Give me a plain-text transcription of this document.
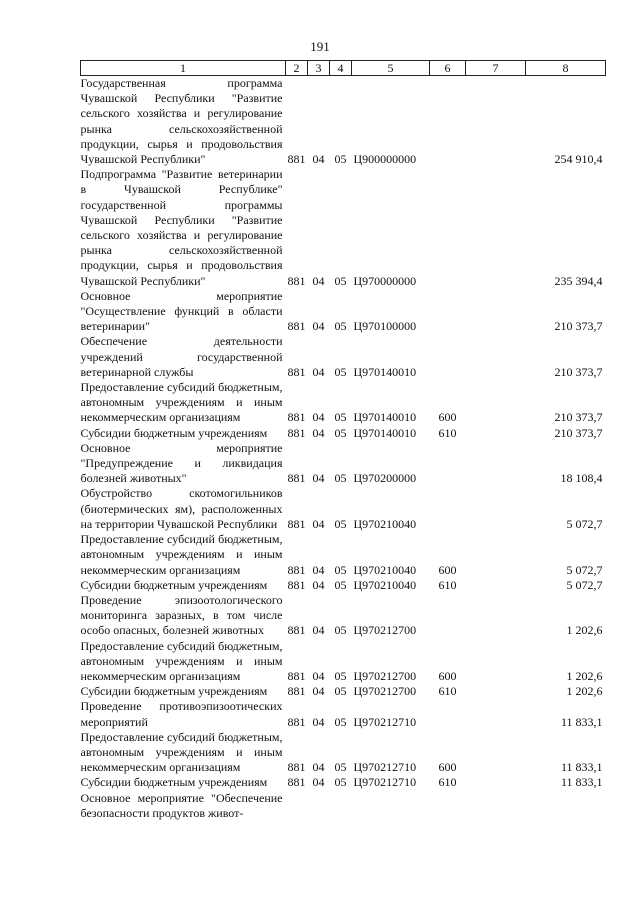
191
1	2	3	4	5	6	7	8
Государственная программа Чувашской Республики "Развитие сельского хозяйства и регулирование рынка сельскохозяйственной продукции, сырья и продовольствия Чувашской Республики"	881	04	05	Ц900000000			254 910,4
Подпрограмма "Развитие ветеринарии в Чувашской Республике" государственной программы Чувашской Республики "Развитие сельского хозяйства и регулирование рынка сельскохозяйственной продукции, сырья и продовольствия Чувашской Республики"	881	04	05	Ц970000000			235 394,4
Основное мероприятие "Осуществление функций в области ветеринарии"	881	04	05	Ц970100000			210 373,7
Обеспечение деятельности учреждений государственной ветеринарной службы	881	04	05	Ц970140010			210 373,7
Предоставление субсидий бюджетным, автономным учреждениям и иным некоммерческим организациям	881	04	05	Ц970140010	600		210 373,7
Субсидии бюджетным учреждениям	881	04	05	Ц970140010	610		210 373,7
Основное мероприятие "Предупреждение и ликвидация болезней животных"	881	04	05	Ц970200000			18 108,4
Обустройство скотомогильников (биотермических ям), расположенных на территории Чувашской Республики	881	04	05	Ц970210040			5 072,7
Предоставление субсидий бюджетным, автономным учреждениям и иным некоммерческим организациям	881	04	05	Ц970210040	600		5 072,7
Субсидии бюджетным учреждениям	881	04	05	Ц970210040	610		5 072,7
Проведение эпизоотологического мониторинга заразных, в том числе особо опасных, болезней животных	881	04	05	Ц970212700			1 202,6
Предоставление субсидий бюджетным, автономным учреждениям и иным некоммерческим организациям	881	04	05	Ц970212700	600		1 202,6
Субсидии бюджетным учреждениям	881	04	05	Ц970212700	610		1 202,6
Проведение противоэпизоотических мероприятий	881	04	05	Ц970212710			11 833,1
Предоставление субсидий бюджетным, автономным учреждениям и иным некоммерческим организациям	881	04	05	Ц970212710	600		11 833,1
Субсидии бюджетным учреждениям	881	04	05	Ц970212710	610		11 833,1
Основное мероприятие "Обеспечение безопасности продуктов живот-							
